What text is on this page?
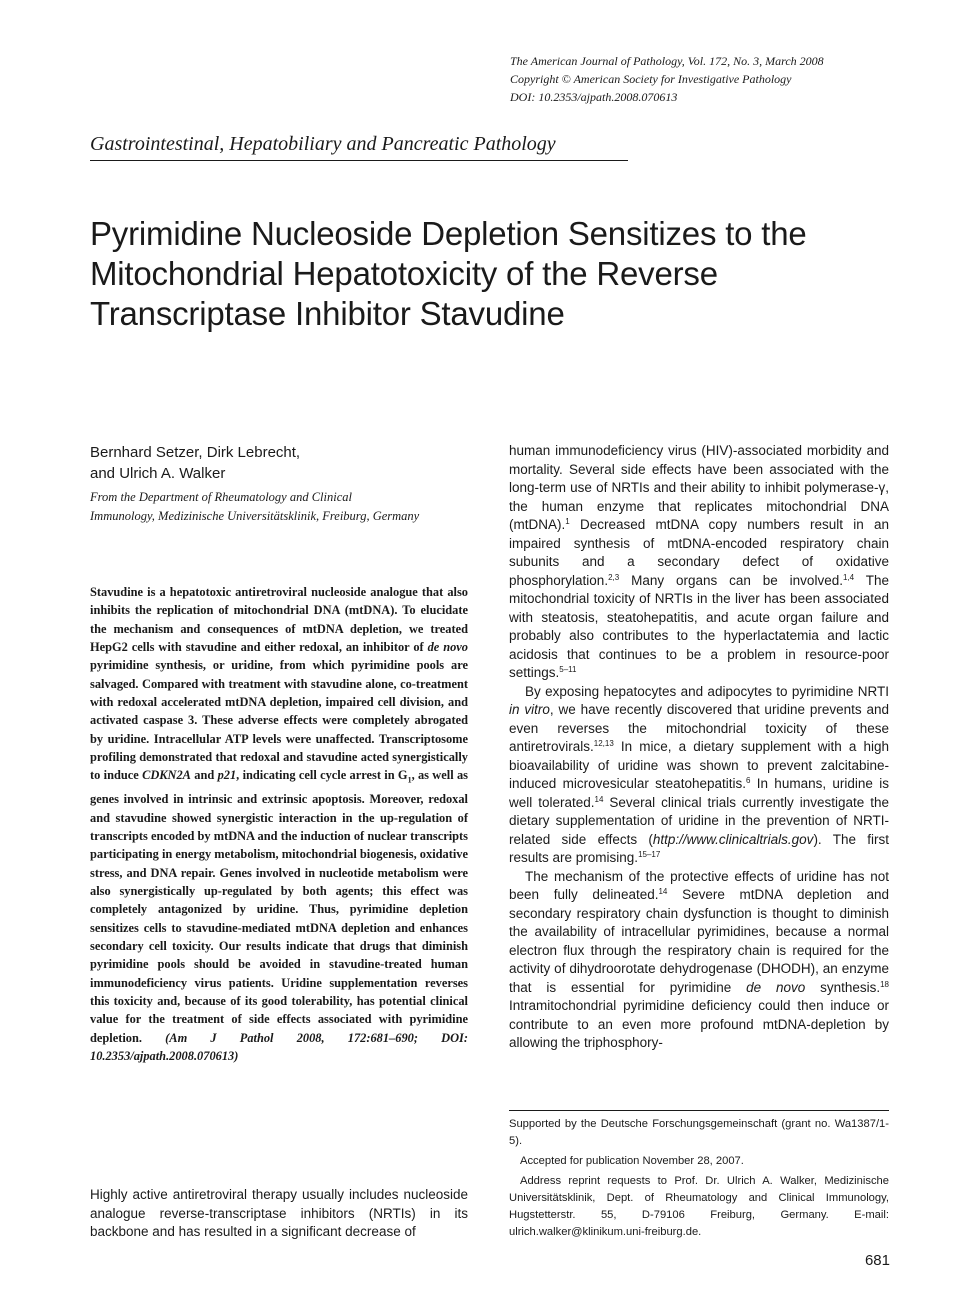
The American Journal of Pathology, Vol. 172, No. 3, March 2008
Copyright © American Society for Investigative Pathology
DOI: 10.2353/ajpath.2008.070613
Gastrointestinal, Hepatobiliary and Pancreatic Pathology
Pyrimidine Nucleoside Depletion Sensitizes to the
Mitochondrial Hepatotoxicity of the Reverse
Transcriptase Inhibitor Stavudine
Bernhard Setzer, Dirk Lebrecht,
and Ulrich A. Walker
From the Department of Rheumatology and Clinical
Immunology, Medizinische Universitätsklinik, Freiburg, Germany

Stavudine is a hepatotoxic antiretroviral nucleoside analogue that also inhibits the replication of mitochondrial DNA (mtDNA). To elucidate the mechanism and consequences of mtDNA depletion, we treated HepG2 cells with stavudine and either redoxal, an inhibitor of de novo pyrimidine synthesis, or uridine, from which pyrimidine pools are salvaged. Compared with treatment with stavudine alone, co-treatment with redoxal accelerated mtDNA depletion, impaired cell division, and activated caspase 3. These adverse effects were completely abrogated by uridine. Intracellular ATP levels were unaffected. Transcriptosome profiling demonstrated that redoxal and stavudine acted synergistically to induce CDKN2A and p21, indicating cell cycle arrest in $G_1$, as well as genes involved in intrinsic and extrinsic apoptosis. Moreover, redoxal and stavudine showed synergistic interaction in the up-regulation of transcripts encoded by mtDNA and the induction of nuclear transcripts participating in energy metabolism, mitochondrial biogenesis, oxidative stress, and DNA repair. Genes involved in nucleotide metabolism were also synergistically up-regulated by both agents; this effect was completely antagonized by uridine. Thus, pyrimidine depletion sensitizes cells to stavudine-mediated mtDNA depletion and enhances secondary cell toxicity. Our results indicate that drugs that diminish pyrimidine pools should be avoided in stavudine-treated human immunodeficiency virus patients. Uridine supplementation reverses this toxicity and, because of its good tolerability, has potential clinical value for the treatment of side effects associated with pyrimidine depletion. (Am J Pathol 2008, 172:681–690; DOI: 10.2353/ajpath.2008.070613)

Highly active antiretroviral therapy usually includes nucleoside analogue reverse-transcriptase inhibitors (NRTIs) in its backbone and has resulted in a significant decrease of

human immunodeficiency virus (HIV)-associated morbidity and mortality. Several side effects have been associated with the long-term use of NRTIs and their ability to inhibit polymerase-γ, the human enzyme that replicates mitochondrial DNA (mtDNA).$^1$ Decreased mtDNA copy numbers result in an impaired synthesis of mtDNA-encoded respiratory chain subunits and a secondary defect of oxidative phosphorylation.$^{2,3}$ Many organs can be involved.$^{1,4}$ The mitochondrial toxicity of NRTIs in the liver has been associated with steatosis, steatohepatitis, and acute organ failure and probably also contributes to the hyperlactatemia and lactic acidosis that continues to be a problem in resource-poor settings.$^{5-11}$

By exposing hepatocytes and adipocytes to pyrimidine NRTI in vitro, we have recently discovered that uridine prevents and even reverses the mitochondrial toxicity of these antiretrovirals.$^{12,13}$ In mice, a dietary supplement with a high bioavailability of uridine was shown to prevent zalcitabine-induced microvesicular steatohepatitis.$^6$ In humans, uridine is well tolerated.$^{14}$ Several clinical trials currently investigate the dietary supplementation of uridine in the prevention of NRTI-related side effects (http://www.clinicaltrials.gov). The first results are promising.$^{15-17}$

The mechanism of the protective effects of uridine has not been fully delineated.$^{14}$ Severe mtDNA depletion and secondary respiratory chain dysfunction is thought to diminish the availability of intracellular pyrimidines, because a normal electron flux through the respiratory chain is required for the activity of dihydroorotate dehydrogenase (DHODH), an enzyme that is essential for pyrimidine de novo synthesis.$^{18}$ Intramitochondrial pyrimidine deficiency could then induce or contribute to an even more profound mtDNA-depletion by allowing the triphosphory-

Supported by the Deutsche Forschungsgemeinschaft (grant no. Wa1387/1-5).

Accepted for publication November 28, 2007.

Address reprint requests to Prof. Dr. Ulrich A. Walker, Medizinische Universitätsklinik, Dept. of Rheumatology and Clinical Immunology, Hugstetterstr. 55, D-79106 Freiburg, Germany. E-mail: ulrich.walker@klinikum.uni-freiburg.de.

681
